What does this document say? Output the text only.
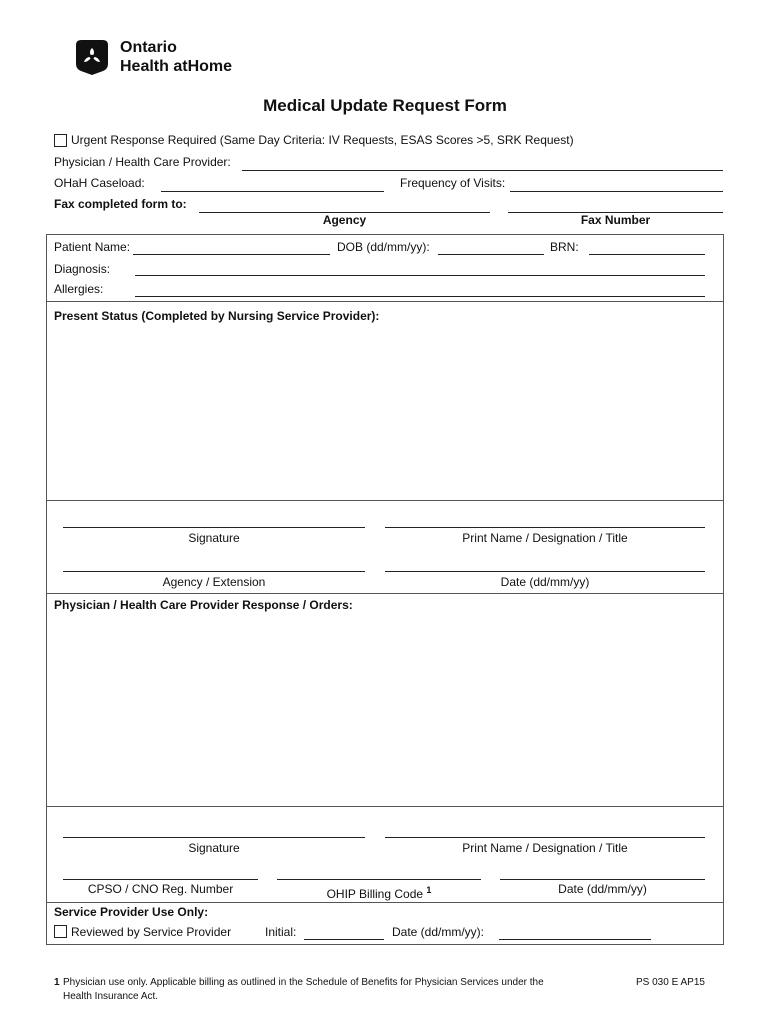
Ontario
Health atHome
Medical Update Request Form
Urgent Response Required (Same Day Criteria: IV Requests, ESAS Scores >5, SRK Request)
Physician / Health Care Provider:
OHaH Caseload:	Frequency of Visits:
Fax completed form to:
Agency	Fax Number
Patient Name:	DOB (dd/mm/yy):	BRN:
Diagnosis:
Allergies:
Present Status (Completed by Nursing Service Provider):
Signature	Print Name / Designation / Title
Agency / Extension	Date (dd/mm/yy)
Physician / Health Care Provider Response / Orders:
Signature	Print Name / Designation / Title
CPSO / CNO Reg. Number	OHIP Billing Code $^1$	Date (dd/mm/yy)
Service Provider Use Only:
Reviewed by Service Provider	Initial:	Date (dd/mm/yy):
1 Physician use only. Applicable billing as outlined in the Schedule of Benefits for Physician Services under the
Health Insurance Act.
PS 030 E AP15
